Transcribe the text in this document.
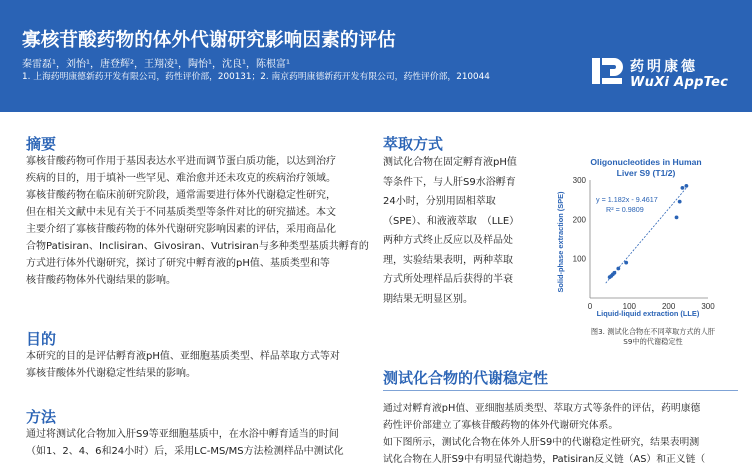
寡核苷酸药物的体外代谢研究影响因素的评估
秦雷磊¹，刘怡¹，唐登辉²，王翔凌¹，陶怡¹，沈良¹，陈根富¹
1. 上海药明康德新药开发有限公司，药性评价部，200131；2. 南京药明康德新药开发有限公司，药性评价部，210044
药明康德
WuXi AppTec
摘要
寡核苷酸药物可作用于基因表达水平进而调节蛋白质功能，以达到治疗
疾病的目的，用于填补一些罕见、难治愈并还未攻克的疾病治疗领域。
寡核苷酸药物在临床前研究阶段，通常需要进行体外代谢稳定性研究，
但在相关文献中未见有关于不同基质类型等条件对比的研究描述。本文
主要介绍了寡核苷酸药物的体外代谢研究影响因素的评估，采用商品化
合物Patisiran、Inclisiran、Givosiran、Vutrisiran与多种类型基质共孵育的
方式进行体外代谢研究，探讨了研究中孵育液的pH值、基质类型和等
核苷酸药物体外代谢结果的影响。
目的
本研究的目的是评估孵育液pH值、亚细胞基质类型、样品萃取方式等对
寡核苷酸体外代谢稳定性结果的影响。
方法
通过将测试化合物加入肝S9等亚细胞基质中，在水浴中孵育适当的时间
（如1、2、4、6和24小时）后，采用LC-MS/MS方法检测样品中测试化
萃取方式
测试化合物在固定孵育液pH值
等条件下，与人肝S9水浴孵育
24小时，分别用固相萃取
（SPE）、和液液萃取　（LLE）
两种方式终止反应以及样品处
理，实验结果表明，两种萃取
方式所处理样品后获得的半衰
期结果无明显区别。
Oligonucleotides in Human
Liver S9 (T1/2)
0	100	200	300
100
200
300
Liquid-liquid extraction (LLE)
Solid-phase extraction (SPE)	y = 1.182x - 9.4617
R² = 0.9809
图3. 测试化合物在不同萃取方式的人肝
S9中的代谢稳定性
测试化合物的代谢稳定性
通过对孵育液pH值、亚细胞基质类型、萃取方式等条件的评估，药明康德
药性评价部建立了寡核苷酸药物的体外代谢研究体系。
如下图所示，测试化合物在体外人肝S9中的代谢稳定性研究，结果表明测
试化合物在人肝S9中有明显代谢趋势，Patisiran反义链（AS）和正义链（
